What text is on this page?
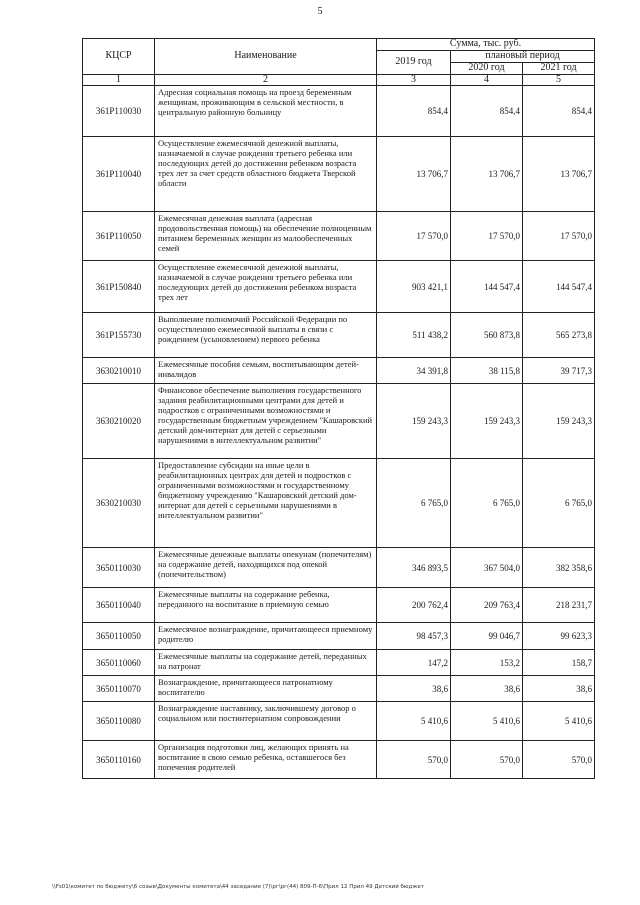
5
КЦСР	Наименование	Сумма, тыс. руб.		
		2019 год	плановый период	
			2020 год	2021 год
1	2	3	4	5
361P110030	Адресная социальная помощь на проезд беременным женщинам, проживающим в сельской местности, в центральную районную больницу	854,4	854,4	854,4
361P110040	Осуществление ежемесячной денежной выплаты, назначаемой в случае рождения третьего ребенка или последующих детей до достижения ребенком возраста трех лет за счет средств областного бюджета Тверской области	13 706,7	13 706,7	13 706,7
361P110050	Ежемесячная денежная выплата (адресная продовольственная помощь) на обеспечение полноценным питанием беременных женщин из малообеспеченных семей	17 570,0	17 570,0	17 570,0
361P150840	Осуществление ежемесячной денежной выплаты, назначаемой в случае рождения третьего ребенка или последующих детей до достижения ребенком возраста трех лет	903 421,1	144 547,4	144 547,4
361P155730	Выполнение полномочий Российской Федерации по осуществлению ежемесячной выплаты в связи с рождением (усыновлением) первого ребенка	511 438,2	560 873,8	565 273,8
3630210010	Ежемесячные пособия семьям, воспитывающим детей-инвалидов	34 391,8	38 115,8	39 717,3
3630210020	Финансовое обеспечение выполнения государственного задания реабилитационными центрами для детей и подростков с ограниченными возможностями и государственным бюджетным учреждением "Кашаровский детский дом-интернат для детей с серьезными нарушениями в интеллектуальном развитии"	159 243,3	159 243,3	159 243,3
3630210030	Предоставление субсидии на иные цели в реабилитационных центрах для детей и подростков с ограниченными возможностями и государственному бюджетному учреждению "Кашаровский детский дом-интернат для детей с серьезными нарушениями в интеллектуальном развитии"	6 765,0	6 765,0	6 765,0
3650110030	Ежемесячные денежные выплаты опекунам (попечителям) на содержание детей, находящихся под опекой (попечительством)	346 893,5	367 504,0	382 358,6
3650110040	Ежемесячные выплаты на содержание ребенка, переданного на воспитание в приемную семью	200 762,4	209 763,4	218 231,7
3650110050	Ежемесячное вознаграждение, причитающееся приемному родителю	98 457,3	99 046,7	99 623,3
3650110060	Ежемесячные выплаты на содержание детей, переданных на патронат	147,2	153,2	158,7
3650110070	Вознаграждение, причитающееся патронатному воспитателю	38,6	38,6	38,6
3650110080	Вознаграждение наставнику, заключившему договор о социальном или постинтернатном сопровождении	5 410,6	5 410,6	5 410,6
3650110160	Организация подготовки лиц, желающих принять на воспитание в свою семью ребенка, оставшегося без попечения родителей	570,0	570,0	570,0
\\Fs01\комитет по бюджету\6 созыв\Документы комитета\44 заседание (7)\рг\рг(44) 809-П-6\Прил 12 Прил 49 Детский бюджет
